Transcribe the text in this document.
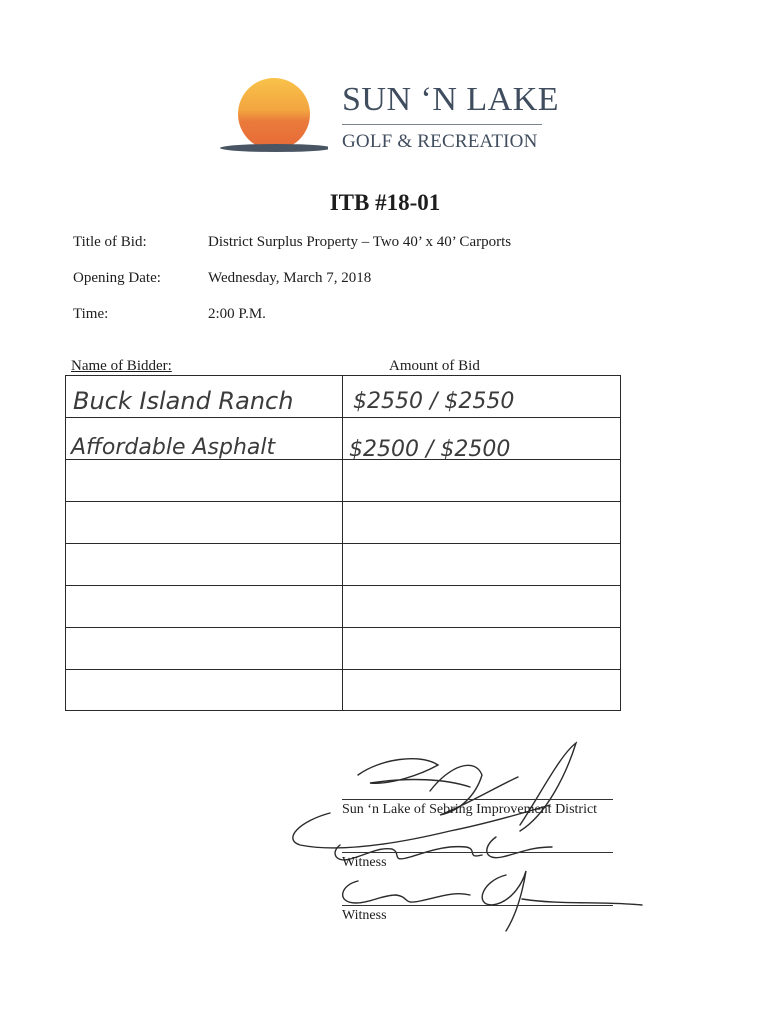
SUN ‘N LAKE
GOLF & RECREATION
ITB #18-01
Title of Bid:	District Surplus Property – Two 40’ x 40’ Carports
Opening Date:	Wednesday, March 7, 2018
Time:	2:00 P.M.
Name of Bidder:	Amount of Bid
Buck Island Ranch	$2550 / $2550
Affordable Asphalt	$2500 / $2500
Sun ‘n Lake of Sebring Improvement District
Witness
Witness
